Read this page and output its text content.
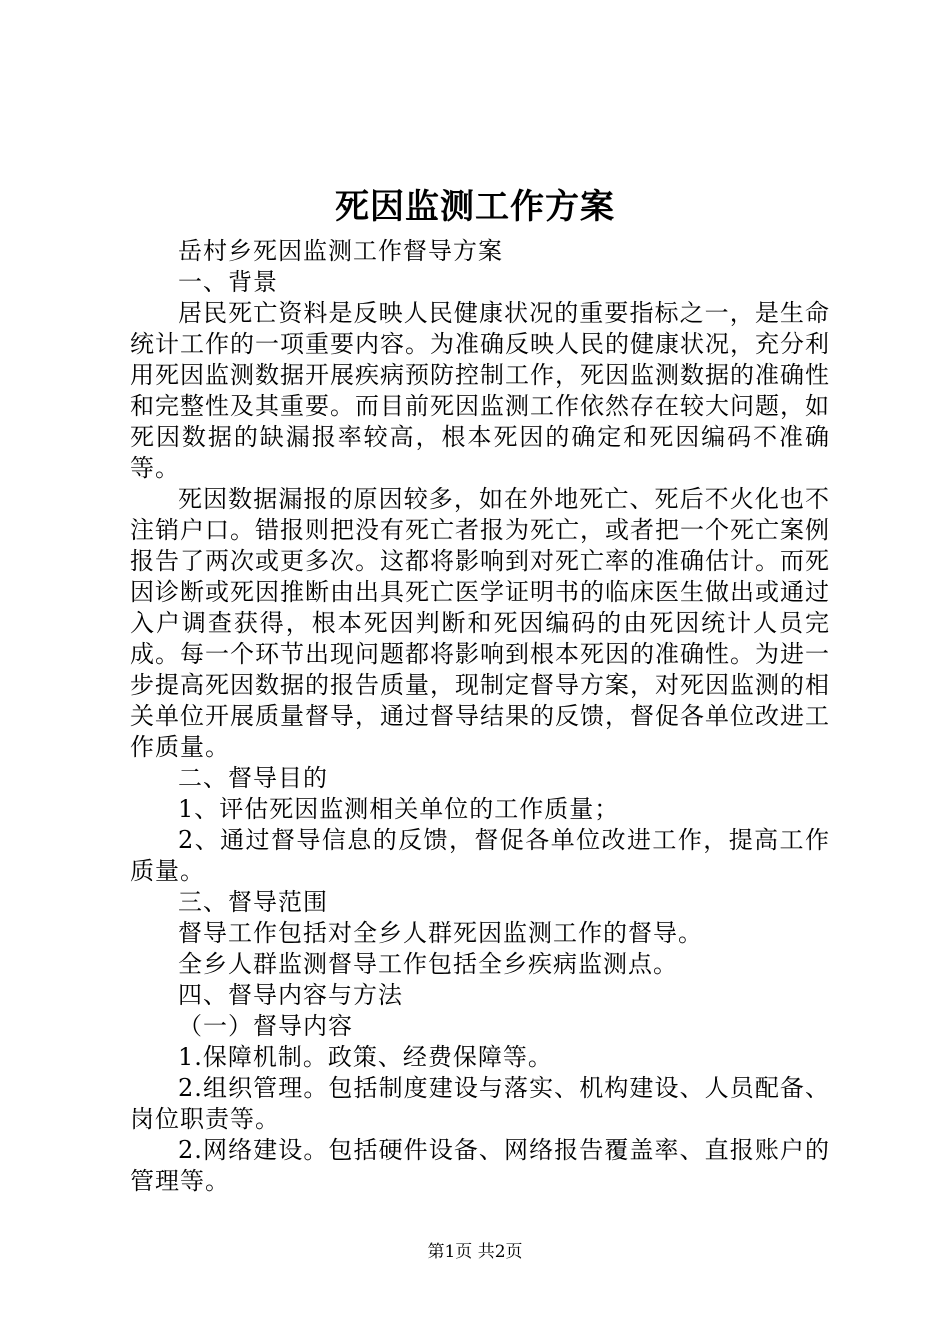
死因监测工作方案

岳村乡死因监测工作督导方案

一、背景

居民死亡资料是反映人民健康状况的重要指标之一，是生命统计工作的一项重要内容。为准确反映人民的健康状况，充分利用死因监测数据开展疾病预防控制工作，死因监测数据的准确性和完整性及其重要。而目前死因监测工作依然存在较大问题，如死因数据的缺漏报率较高，根本死因的确定和死因编码不准确等。

死因数据漏报的原因较多，如在外地死亡、死后不火化也不注销户口。错报则把没有死亡者报为死亡，或者把一个死亡案例报告了两次或更多次。这都将影响到对死亡率的准确估计。而死因诊断或死因推断由出具死亡医学证明书的临床医生做出或通过入户调查获得，根本死因判断和死因编码的由死因统计人员完成。每一个环节出现问题都将影响到根本死因的准确性。为进一步提高死因数据的报告质量，现制定督导方案，对死因监测的相关单位开展质量督导，通过督导结果的反馈，督促各单位改进工作质量。

二、督导目的

1、评估死因监测相关单位的工作质量；

2、通过督导信息的反馈，督促各单位改进工作，提高工作质量。

三、督导范围

督导工作包括对全乡人群死因监测工作的督导。

全乡人群监测督导工作包括全乡疾病监测点。

四、督导内容与方法

（一）督导内容

1.保障机制。政策、经费保障等。

2.组织管理。包括制度建设与落实、机构建设、人员配备、岗位职责等。

2.网络建设。包括硬件设备、网络报告覆盖率、直报账户的管理等。

第1页 共2页
